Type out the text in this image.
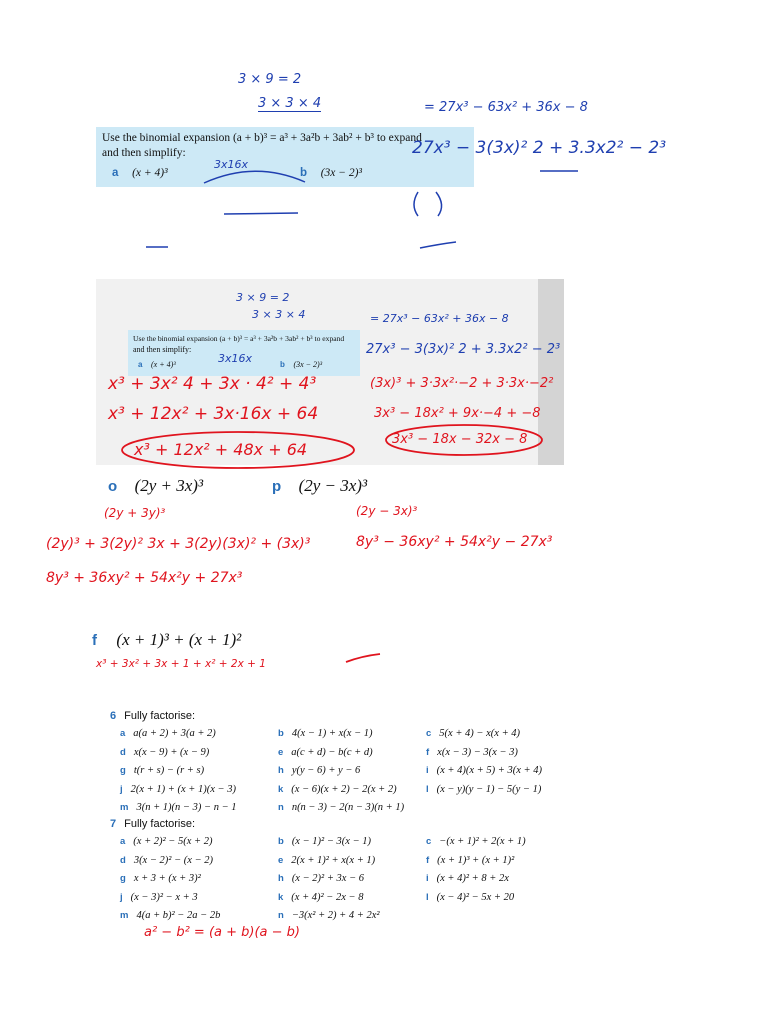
3 × 9 = 2
3 × 3 × 4	= 27x³ − 63x² + 36x − 8
Use the binomial expansion (a + b)³ = a³ + 3a²b + 3ab² + b³ to expand
and then simplify:
a (x + 4)³	b (3x − 2)³
3x16x
27x³ − 3(3x)² 2 + 3.3x2² − 2³
3 × 9 = 2
3 × 3 × 4	= 27x³ − 63x² + 36x − 8
Use the binomial expansion (a + b)³ = a³ + 3a²b + 3ab² + b³ to expand
and then simplify:
a (x + 4)³	b (3x − 2)³
3x16x
27x³ − 3(3x)² 2 + 3.3x2² − 2³
x³ + 3x² 4 + 3x · 4² + 4³
x³ + 12x² + 3x·16x + 64
x³ + 12x² + 48x + 64
(3x)³ + 3·3x²·−2 + 3·3x·−2²
3x³ − 18x² + 9x·−4 + −8
3x³ − 18x − 32x − 8
o (2y + 3x)³	p (2y − 3x)³
(2y + 3y)³
(2y)³ + 3(2y)² 3x + 3(2y)(3x)² + (3x)³
8y³ + 36xy² + 54x²y + 27x³
(2y − 3x)³
8y³ − 36xy² + 54x²y − 27x³
f (x + 1)³ + (x + 1)²
x³ + 3x² + 3x + 1 + x² + 2x + 1
6 Fully factorise:
a a(a + 2) + 3(a + 2)	b 4(x − 1) + x(x − 1)	c 5(x + 4) − x(x + 4)
d x(x − 9) + (x − 9)	e a(c + d) − b(c + d)	f x(x − 3) − 3(x − 3)
g t(r + s) − (r + s)	h y(y − 6) + y − 6	i (x + 4)(x + 5) + 3(x + 4)
j 2(x + 1) + (x + 1)(x − 3)	k (x − 6)(x + 2) − 2(x + 2)	l (x − y)(y − 1) − 5(y − 1)
m 3(n + 1)(n − 3) − n − 1	n n(n − 3) − 2(n − 3)(n + 1)
7 Fully factorise:
a (x + 2)² − 5(x + 2)	b (x − 1)² − 3(x − 1)	c −(x + 1)² + 2(x + 1)
d 3(x − 2)² − (x − 2)	e 2(x + 1)² + x(x + 1)	f (x + 1)³ + (x + 1)²
g x + 3 + (x + 3)²	h (x − 2)² + 3x − 6	i (x + 4)² + 8 + 2x
j (x − 3)² − x + 3	k (x + 4)² − 2x − 8	l (x − 4)² − 5x + 20
m 4(a + b)² − 2a − 2b	n −3(x² + 2) + 4 + 2x²
a² − b² = (a + b)(a − b)
